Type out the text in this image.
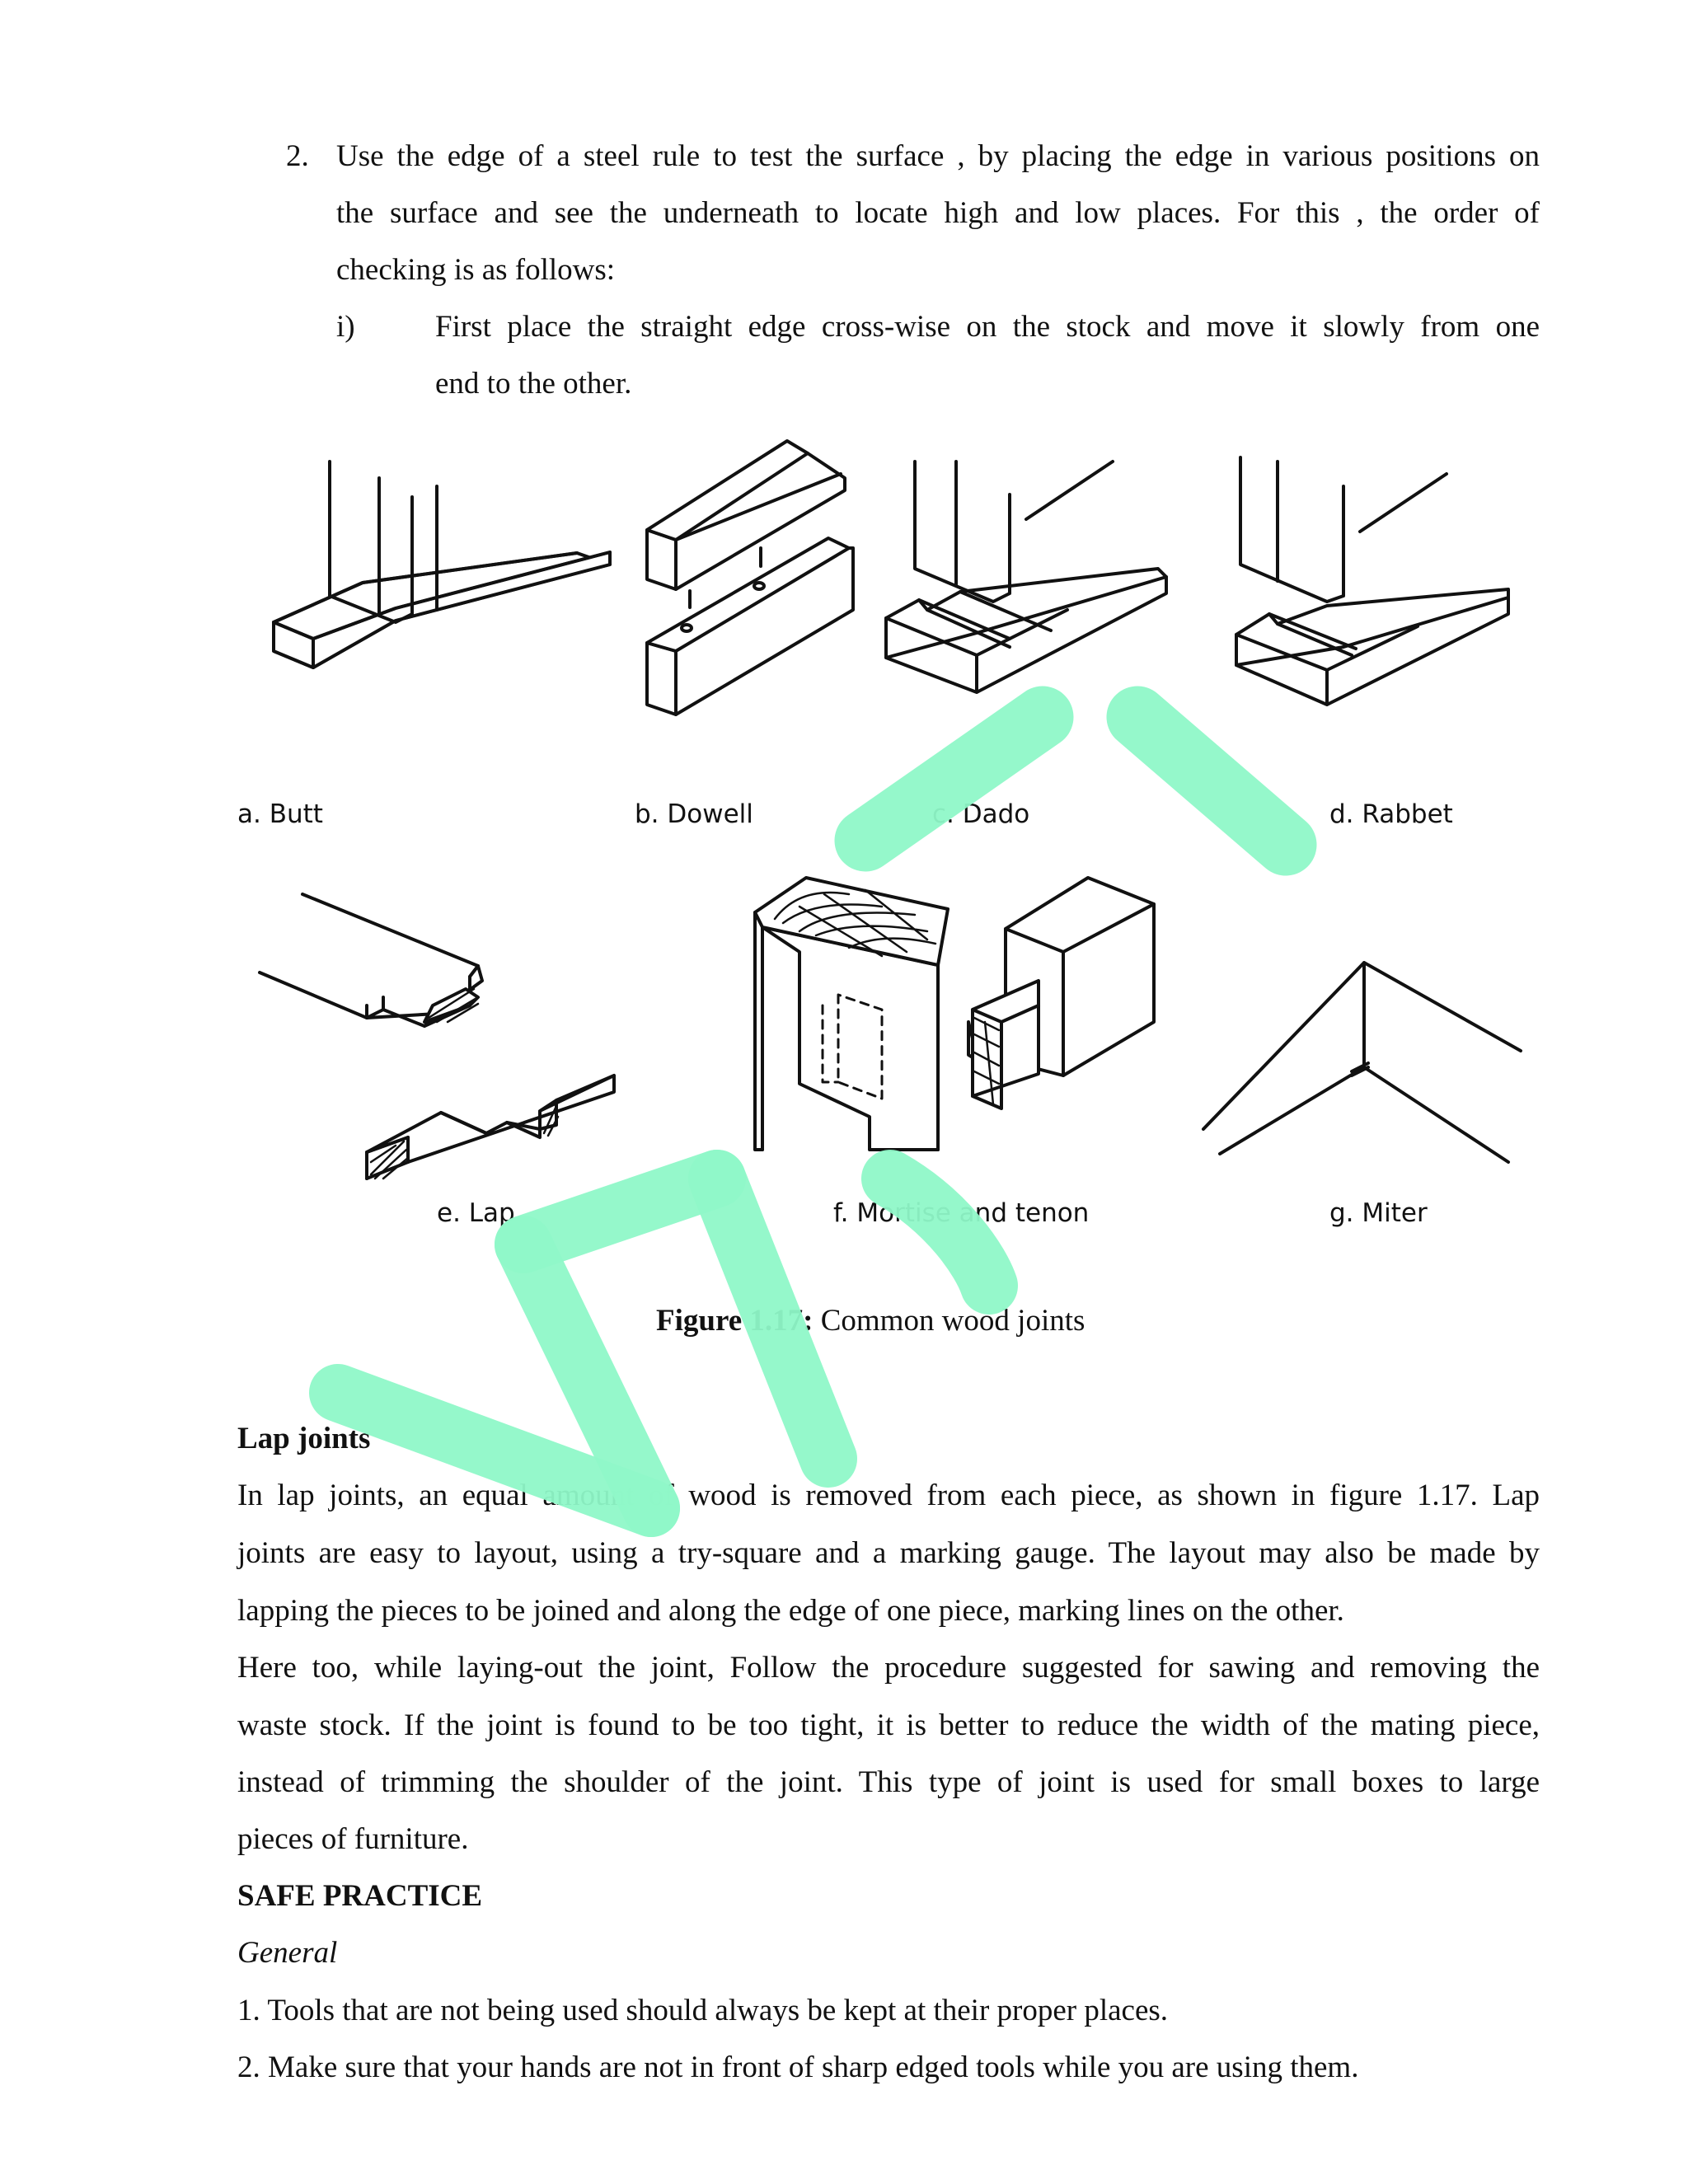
2. Use the edge of a steel rule to test the surface , by placing the edge in various positions on
the surface and see the underneath to locate high and low places. For this , the order of
checking is as follows:
i)	First place the straight edge cross-wise on the stock and move it slowly from one
end to the other.
a. Butt	b. Dowell	c. Dado	d. Rabbet
e. Lap	f. Mortise and tenon	g. Miter
Figure 1.17: Common wood joints
Lap joints
In lap joints, an equal amount of wood is removed from each piece, as shown in figure 1.17. Lap
joints are easy to layout, using a try-square and a marking gauge. The layout may also be made by
lapping the pieces to be joined and along the edge of one piece, marking lines on the other.
Here too, while laying-out the joint, Follow the procedure suggested for sawing and removing the
waste stock. If the joint is found to be too tight, it is better to reduce the width of the mating piece,
instead of trimming the shoulder of the joint. This type of joint is used for small boxes to large
pieces of furniture.
SAFE PRACTICE
General
1. Tools that are not being used should always be kept at their proper places.
2. Make sure that your hands are not in front of sharp edged tools while you are using them.
